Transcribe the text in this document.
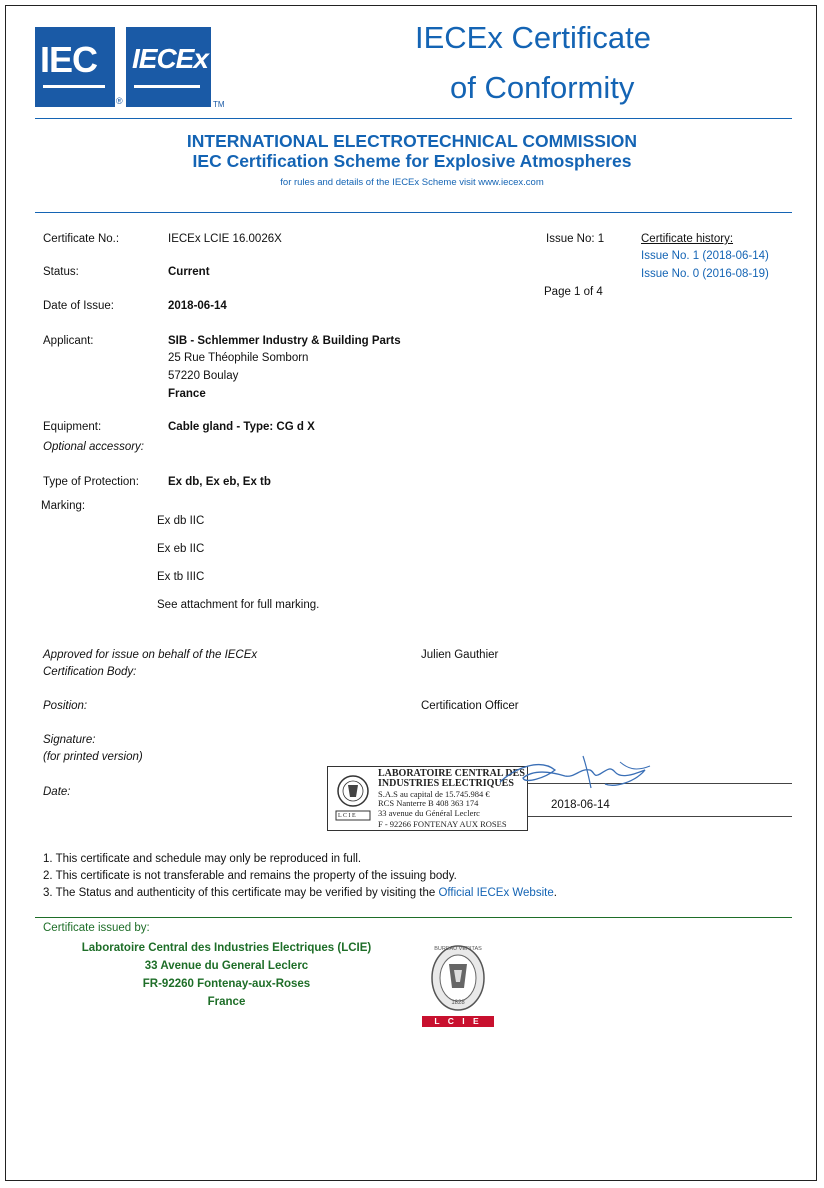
IEC
®
IECEx
TM
IECEx Certificate
of Conformity
INTERNATIONAL ELECTROTECHNICAL COMMISSION
IEC Certification Scheme for Explosive Atmospheres
for rules and details of the IECEx Scheme visit www.iecex.com
Certificate No.:	IECEx LCIE 16.0026X	Issue No: 1	Certificate history:
Issue No. 1 (2018-06-14)
Issue No. 0 (2016-08-19)
Status:	Current
Page 1 of 4
Date of Issue:	2018-06-14
Applicant:	SIB - Schlemmer Industry & Building Parts
25 Rue Théophile Somborn
57220 Boulay
France
Equipment:	Cable gland - Type: CG d X
Optional accessory:
Type of Protection:	Ex db, Ex eb, Ex tb
Marking:
Ex db IIC
Ex eb IIC
Ex tb IIIC
See attachment for full marking.
Approved for issue on behalf of the IECEx
Certification Body:
Julien Gauthier
Position:	Certification Officer
Signature:
(for printed version)
Date:
2018-06-14
L C I E
LABORATOIRE CENTRAL DES
INDUSTRIES ELECTRIQUES
S.A.S au capital de 15.745.984 €
RCS Nanterre B 408 363 174
33 avenue du Général Leclerc
F - 92266 FONTENAY AUX ROSES
1. This certificate and schedule may only be reproduced in full.
2. This certificate is not transferable and remains the property of the issuing body.
3. The Status and authenticity of this certificate may be verified by visiting the Official IECEx Website.
Certificate issued by:
Laboratoire Central des Industries Electriques (LCIE)
33 Avenue du General Leclerc
FR-92260 Fontenay-aux-Roses
France
BUREAU VERITAS
1828
L C I E
